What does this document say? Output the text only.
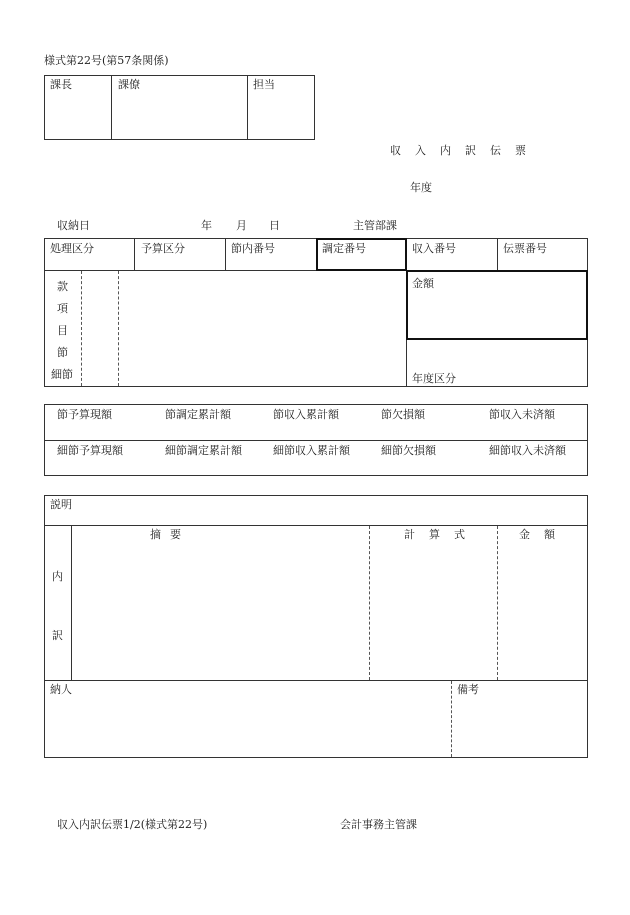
様式第22号(第57条関係)
課長	課僚	担当
収入内訳伝票
年度
収納日	年 月 日	主管部課
処理区分	予算区分	節内番号	調定番号	収入番号	伝票番号
款
項
目
節
細節
金額
年度区分
節予算現額	節調定累計額	節収入累計額	節欠損額	節収入未済額
細節予算現額	細節調定累計額	細節収入累計額	細節欠損額	細節収入未済額
説明
摘要	計算式	金額
内
訳
納人	備考
収入内訳伝票1/2(様式第22号)	会計事務主管課
